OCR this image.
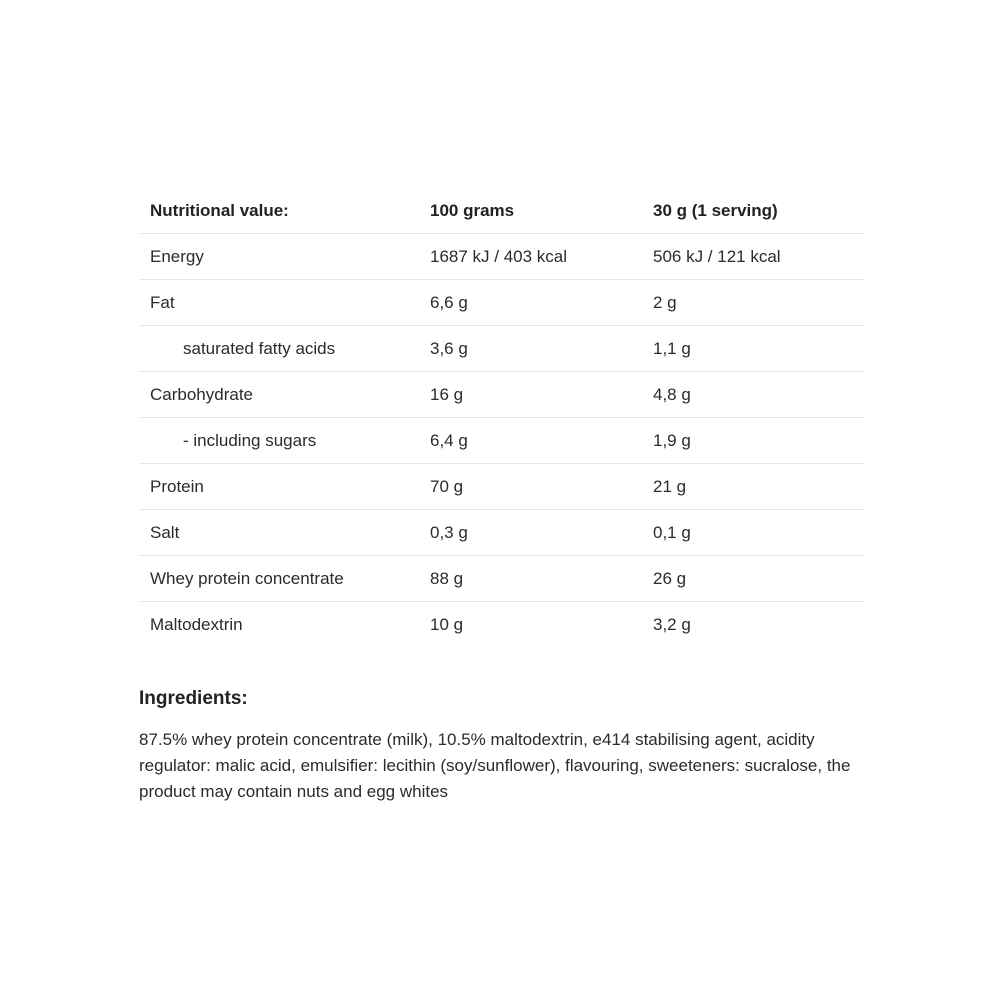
Nutritional value:	100 grams	30 g (1 serving)
Energy	1687 kJ / 403 kcal	506 kJ / 121 kcal
Fat	6,6 g	2 g
saturated fatty acids	3,6 g	1,1 g
Carbohydrate	16 g	4,8 g
- including sugars	6,4 g	1,9 g
Protein	70 g	21 g
Salt	0,3 g	0,1 g
Whey protein concentrate	88 g	26 g
Maltodextrin	10 g	3,2 g
Ingredients:

87.5% whey protein concentrate (milk), 10.5% maltodextrin, e414 stabilising agent, acidity regulator: malic acid, emulsifier: lecithin (soy/sunflower), flavouring, sweeteners: sucralose, the product may contain nuts and egg whites
